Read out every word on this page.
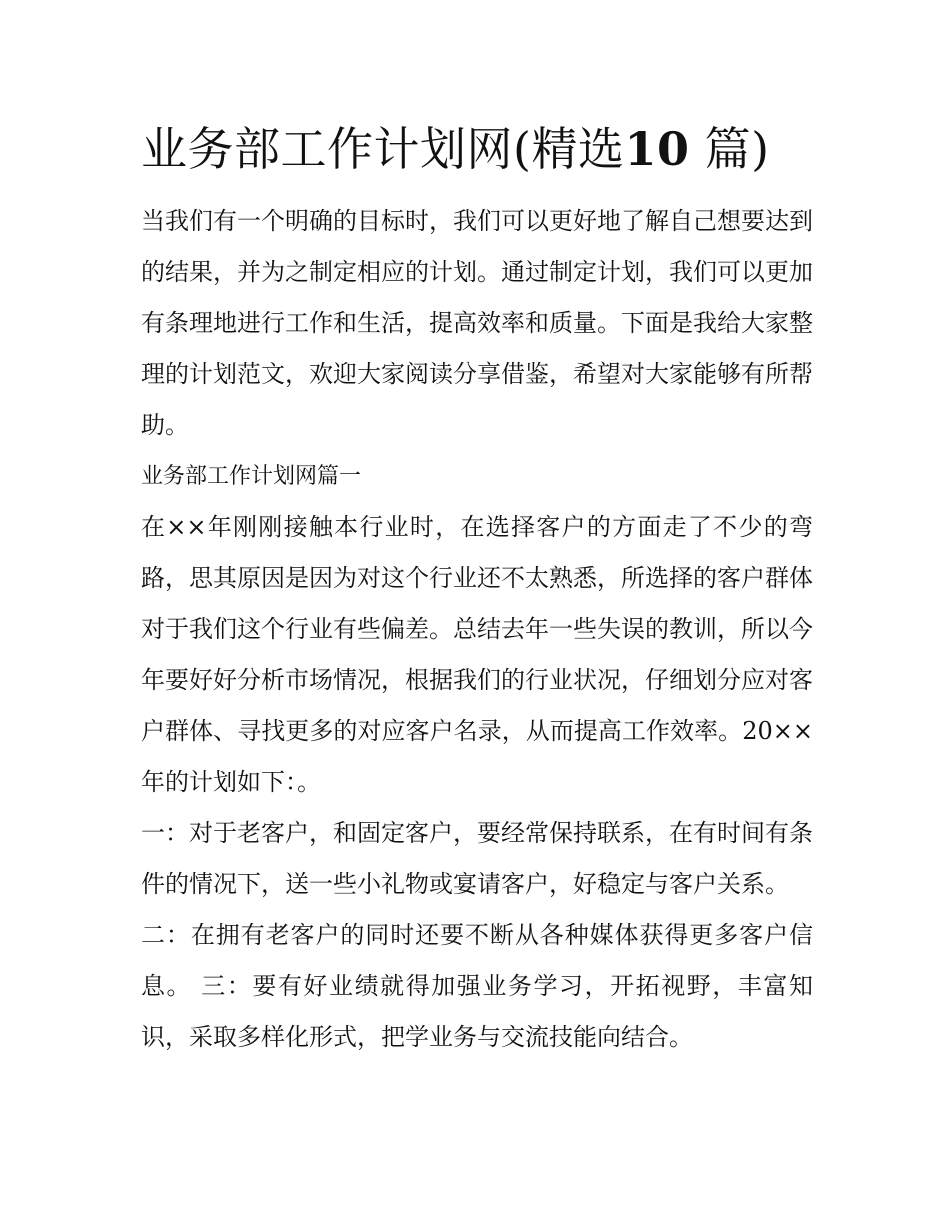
业务部工作计划网(精选10 篇)

当我们有一个明确的目标时，我们可以更好地了解自己想要达到的结果，并为之制定相应的计划。通过制定计划，我们可以更加有条理地进行工作和生活，提高效率和质量。下面是我给大家整理的计划范文，欢迎大家阅读分享借鉴，希望对大家能够有所帮助。

业务部工作计划网篇一

在××年刚刚接触本行业时，在选择客户的方面走了不少的弯路，思其原因是因为对这个行业还不太熟悉，所选择的客户群体对于我们这个行业有些偏差。总结去年一些失误的教训，所以今年要好好分析市场情况，根据我们的行业状况，仔细划分应对客户群体、寻找更多的对应客户名录，从而提高工作效率。20××年的计划如下：。

一：对于老客户，和固定客户，要经常保持联系，在有时间有条件的情况下，送一些小礼物或宴请客户，好稳定与客户关系。

二：在拥有老客户的同时还要不断从各种媒体获得更多客户信息。 三：要有好业绩就得加强业务学习，开拓视野，丰富知识，采取多样化形式，把学业务与交流技能向结合。
